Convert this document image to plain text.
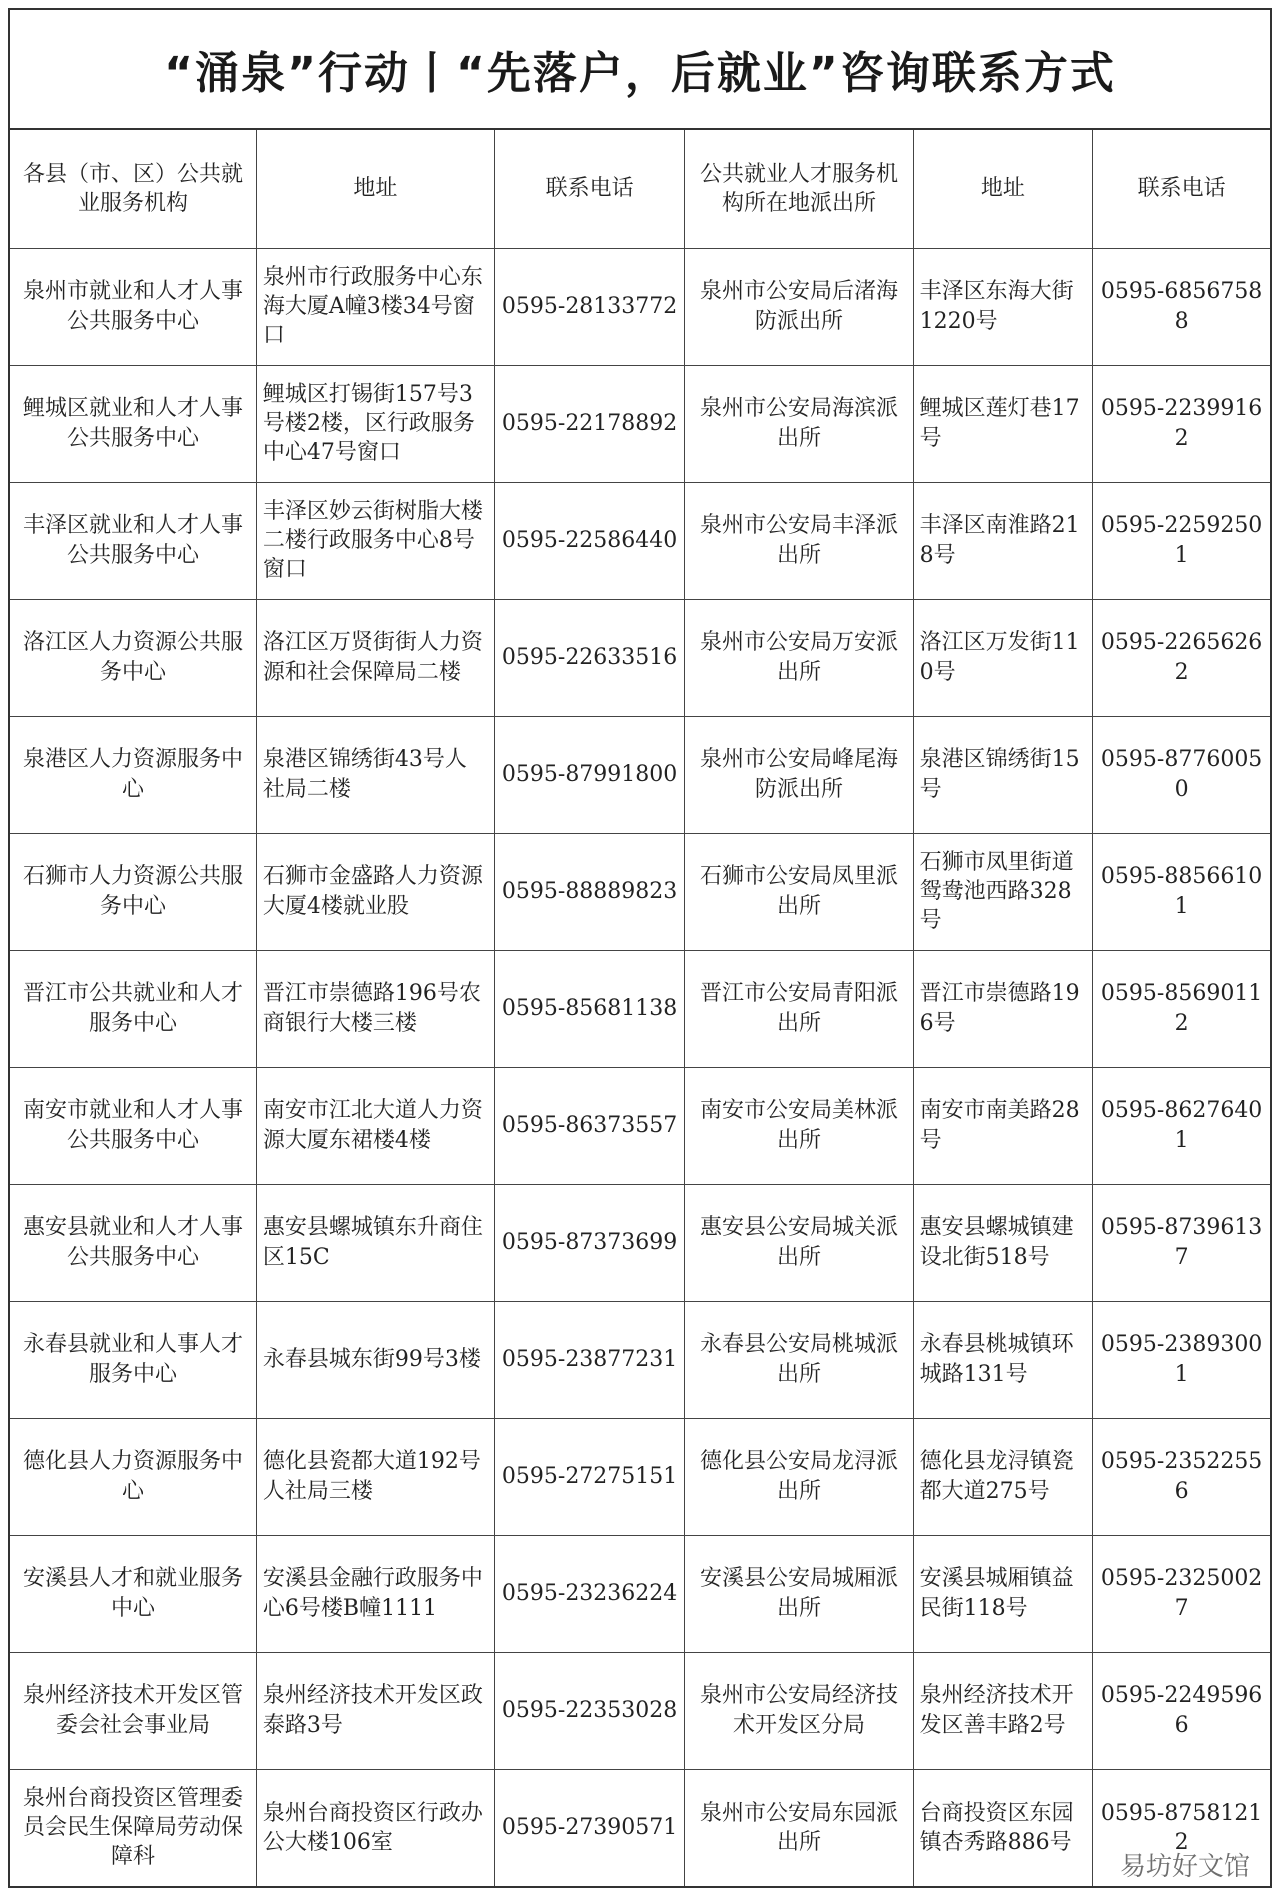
“涌泉”行动丨“先落户，后就业”咨询联系方式
各县（市、区）公共就业服务机构	地址	联系电话	公共就业人才服务机构所在地派出所	地址	联系电话
泉州市就业和人才人事公共服务中心	泉州市行政服务中心东海大厦A幢3楼34号窗口	0595-28133772	泉州市公安局后渚海防派出所	丰泽区东海大街1220号	0595-68567588
鲤城区就业和人才人事公共服务中心	鲤城区打锡街157号3号楼2楼，区行政服务中心47号窗口	0595-22178892	泉州市公安局海滨派出所	鲤城区莲灯巷17号	0595-22399162
丰泽区就业和人才人事公共服务中心	丰泽区妙云街树脂大楼二楼行政服务中心8号窗口	0595-22586440	泉州市公安局丰泽派出所	丰泽区南淮路218号	0595-22592501
洛江区人力资源公共服务中心	洛江区万贤街街人力资源和社会保障局二楼	0595-22633516	泉州市公安局万安派出所	洛江区万发街110号	0595-22656262
泉港区人力资源服务中心	泉港区锦绣街43号人社局二楼	0595-87991800	泉州市公安局峰尾海防派出所	泉港区锦绣街15号	0595-87760050
石狮市人力资源公共服务中心	石狮市金盛路人力资源大厦4楼就业股	0595-88889823	石狮市公安局凤里派出所	石狮市凤里街道鸳鸯池西路328号	0595-88566101
晋江市公共就业和人才服务中心	晋江市崇德路196号农商银行大楼三楼	0595-85681138	晋江市公安局青阳派出所	晋江市崇德路196号	0595-85690112
南安市就业和人才人事公共服务中心	南安市江北大道人力资源大厦东裙楼4楼	0595-86373557	南安市公安局美林派出所	南安市南美路28号	0595-86276401
惠安县就业和人才人事公共服务中心	惠安县螺城镇东升商住区15C	0595-87373699	惠安县公安局城关派出所	惠安县螺城镇建设北街518号	0595-87396137
永春县就业和人事人才服务中心	永春县城东街99号3楼	0595-23877231	永春县公安局桃城派出所	永春县桃城镇环城路131号	0595-23893001
德化县人力资源服务中心	德化县瓷都大道192号人社局三楼	0595-27275151	德化县公安局龙浔派出所	德化县龙浔镇瓷都大道275号	0595-23522556
安溪县人才和就业服务中心	安溪县金融行政服务中心6号楼B幢1111	0595-23236224	安溪县公安局城厢派出所	安溪县城厢镇益民街118号	0595-23250027
泉州经济技术开发区管委会社会事业局	泉州经济技术开发区政泰路3号	0595-22353028	泉州市公安局经济技术开发区分局	泉州经济技术开发区善丰路2号	0595-22495966
泉州台商投资区管理委员会民生保障局劳动保障科	泉州台商投资区行政办公大楼106室	0595-27390571	泉州市公安局东园派出所	台商投资区东园镇杏秀路886号	0595-87581212
易坊好文馆
